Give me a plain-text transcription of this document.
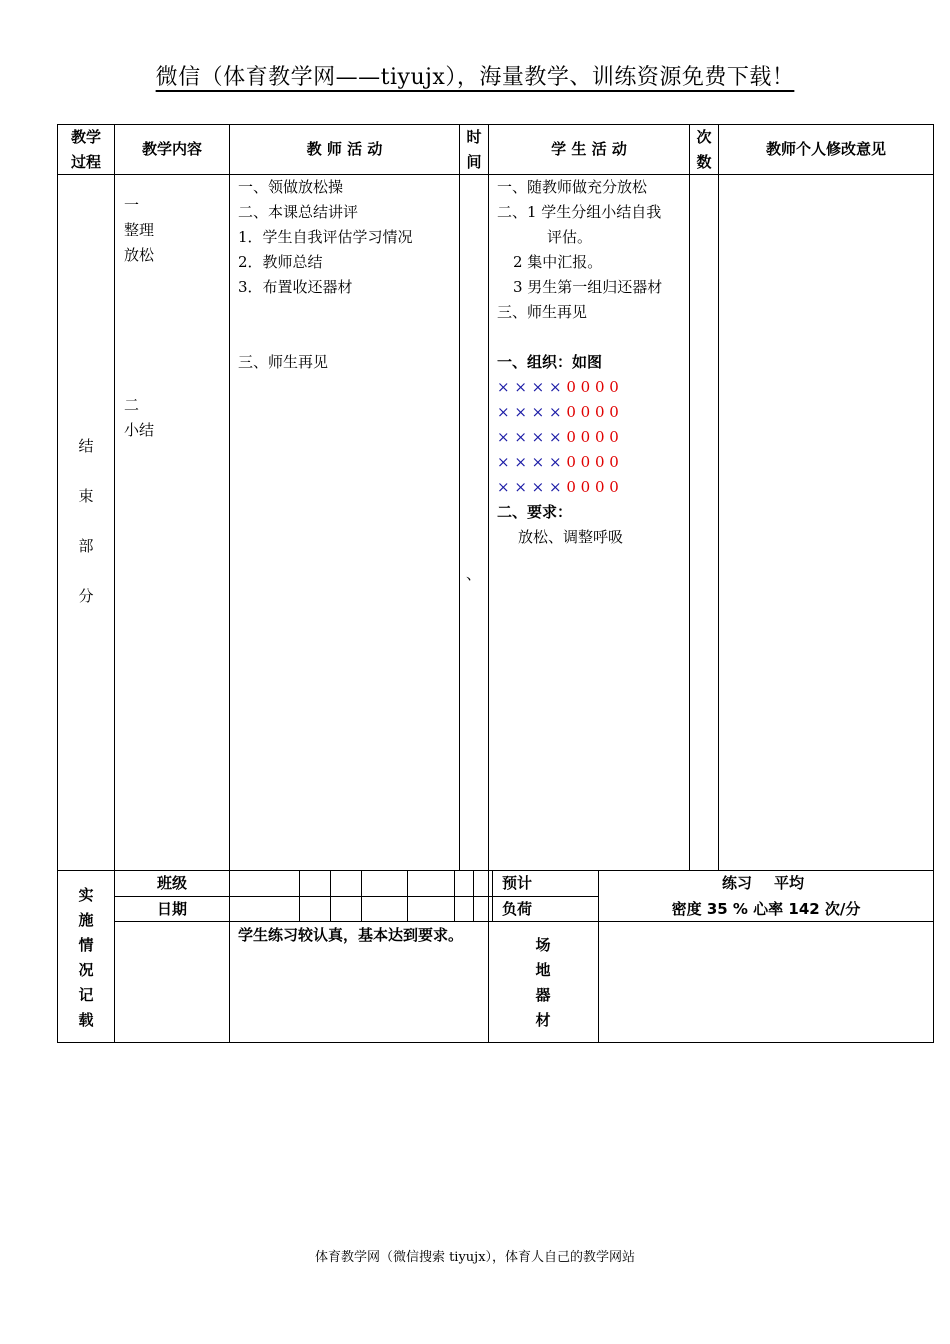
微信（体育教学网——tiyujx），海量教学、训练资源免费下载！
教学
过程
教学内容	教 师 活 动
时
间
学 生 活 动
次
数
教师个人修改意见
结
束
部
分
一
整理
放松
二
小结
一、领做放松操
二、本课总结讲评
1．学生自我评估学习情况
2．教师总结
3．布置收还器材
三、师生再见
、
一、随教师做充分放松
二、1 学生分组小结自我
评估。
2 集中汇报。
3 男生第一组归还器材
三、师生再见
一、组织：如图
× × × × 0 0 0 0
× × × × 0 0 0 0
× × × × 0 0 0 0
× × × × 0 0 0 0
× × × × 0 0 0 0
二、要求：
放松、调整呼吸
实
施
情
况
记
载
班级
日期
预计
负荷
练习 平均
密度 35 % 心率 142 次/分
学生练习较认真，基本达到要求。
场
地
器
材
体育教学网（微信搜索 tiyujx），体育人自己的教学网站
